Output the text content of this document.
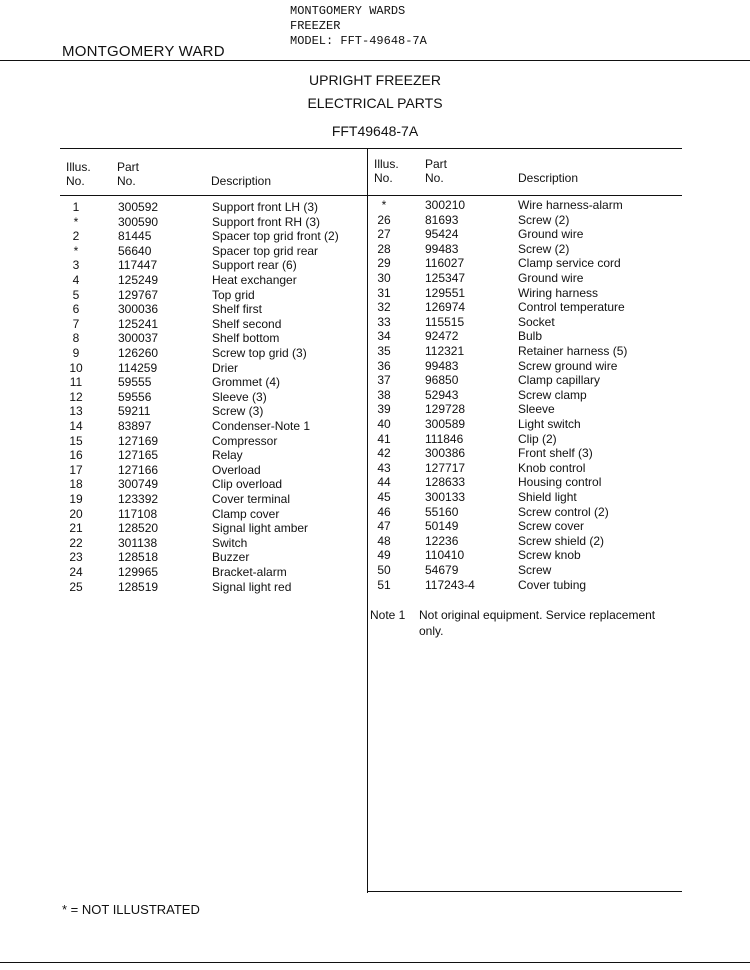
MONTGOMERY WARDS
FREEZER
MODEL: FFT-49648-7A
MONTGOMERY WARD
UPRIGHT FREEZER
ELECTRICAL PARTS
FFT49648-7A
Illus.
No.
Part
No.	Description
Illus.
No.
Part
No.	Description
1	300592	Support front LH (3)
*	300590	Support front RH (3)
2	81445	Spacer top grid front (2)
*	56640	Spacer top grid rear
3	117447	Support rear (6)
4	125249	Heat exchanger
5	129767	Top grid
6	300036	Shelf first
7	125241	Shelf second
8	300037	Shelf bottom
9	126260	Screw top grid (3)
10	114259	Drier
11	59555	Grommet (4)
12	59556	Sleeve (3)
13	59211	Screw (3)
14	83897	Condenser-Note 1
15	127169	Compressor
16	127165	Relay
17	127166	Overload
18	300749	Clip overload
19	123392	Cover terminal
20	117108	Clamp cover
21	128520	Signal light amber
22	301138	Switch
23	128518	Buzzer
24	129965	Bracket-alarm
25	128519	Signal light red
*	300210	Wire harness-alarm
26	81693	Screw (2)
27	95424	Ground wire
28	99483	Screw (2)
29	116027	Clamp service cord
30	125347	Ground wire
31	129551	Wiring harness
32	126974	Control temperature
33	115515	Socket
34	92472	Bulb
35	112321	Retainer harness (5)
36	99483	Screw ground wire
37	96850	Clamp capillary
38	52943	Screw clamp
39	129728	Sleeve
40	300589	Light switch
41	111846	Clip (2)
42	300386	Front shelf (3)
43	127717	Knob control
44	128633	Housing control
45	300133	Shield light
46	55160	Screw control (2)
47	50149	Screw cover
48	12236	Screw shield (2)
49	110410	Screw knob
50	54679	Screw
51	117243-4	Cover tubing
Note 1 Not original equipment. Service replacement
only.
* = NOT ILLUSTRATED
